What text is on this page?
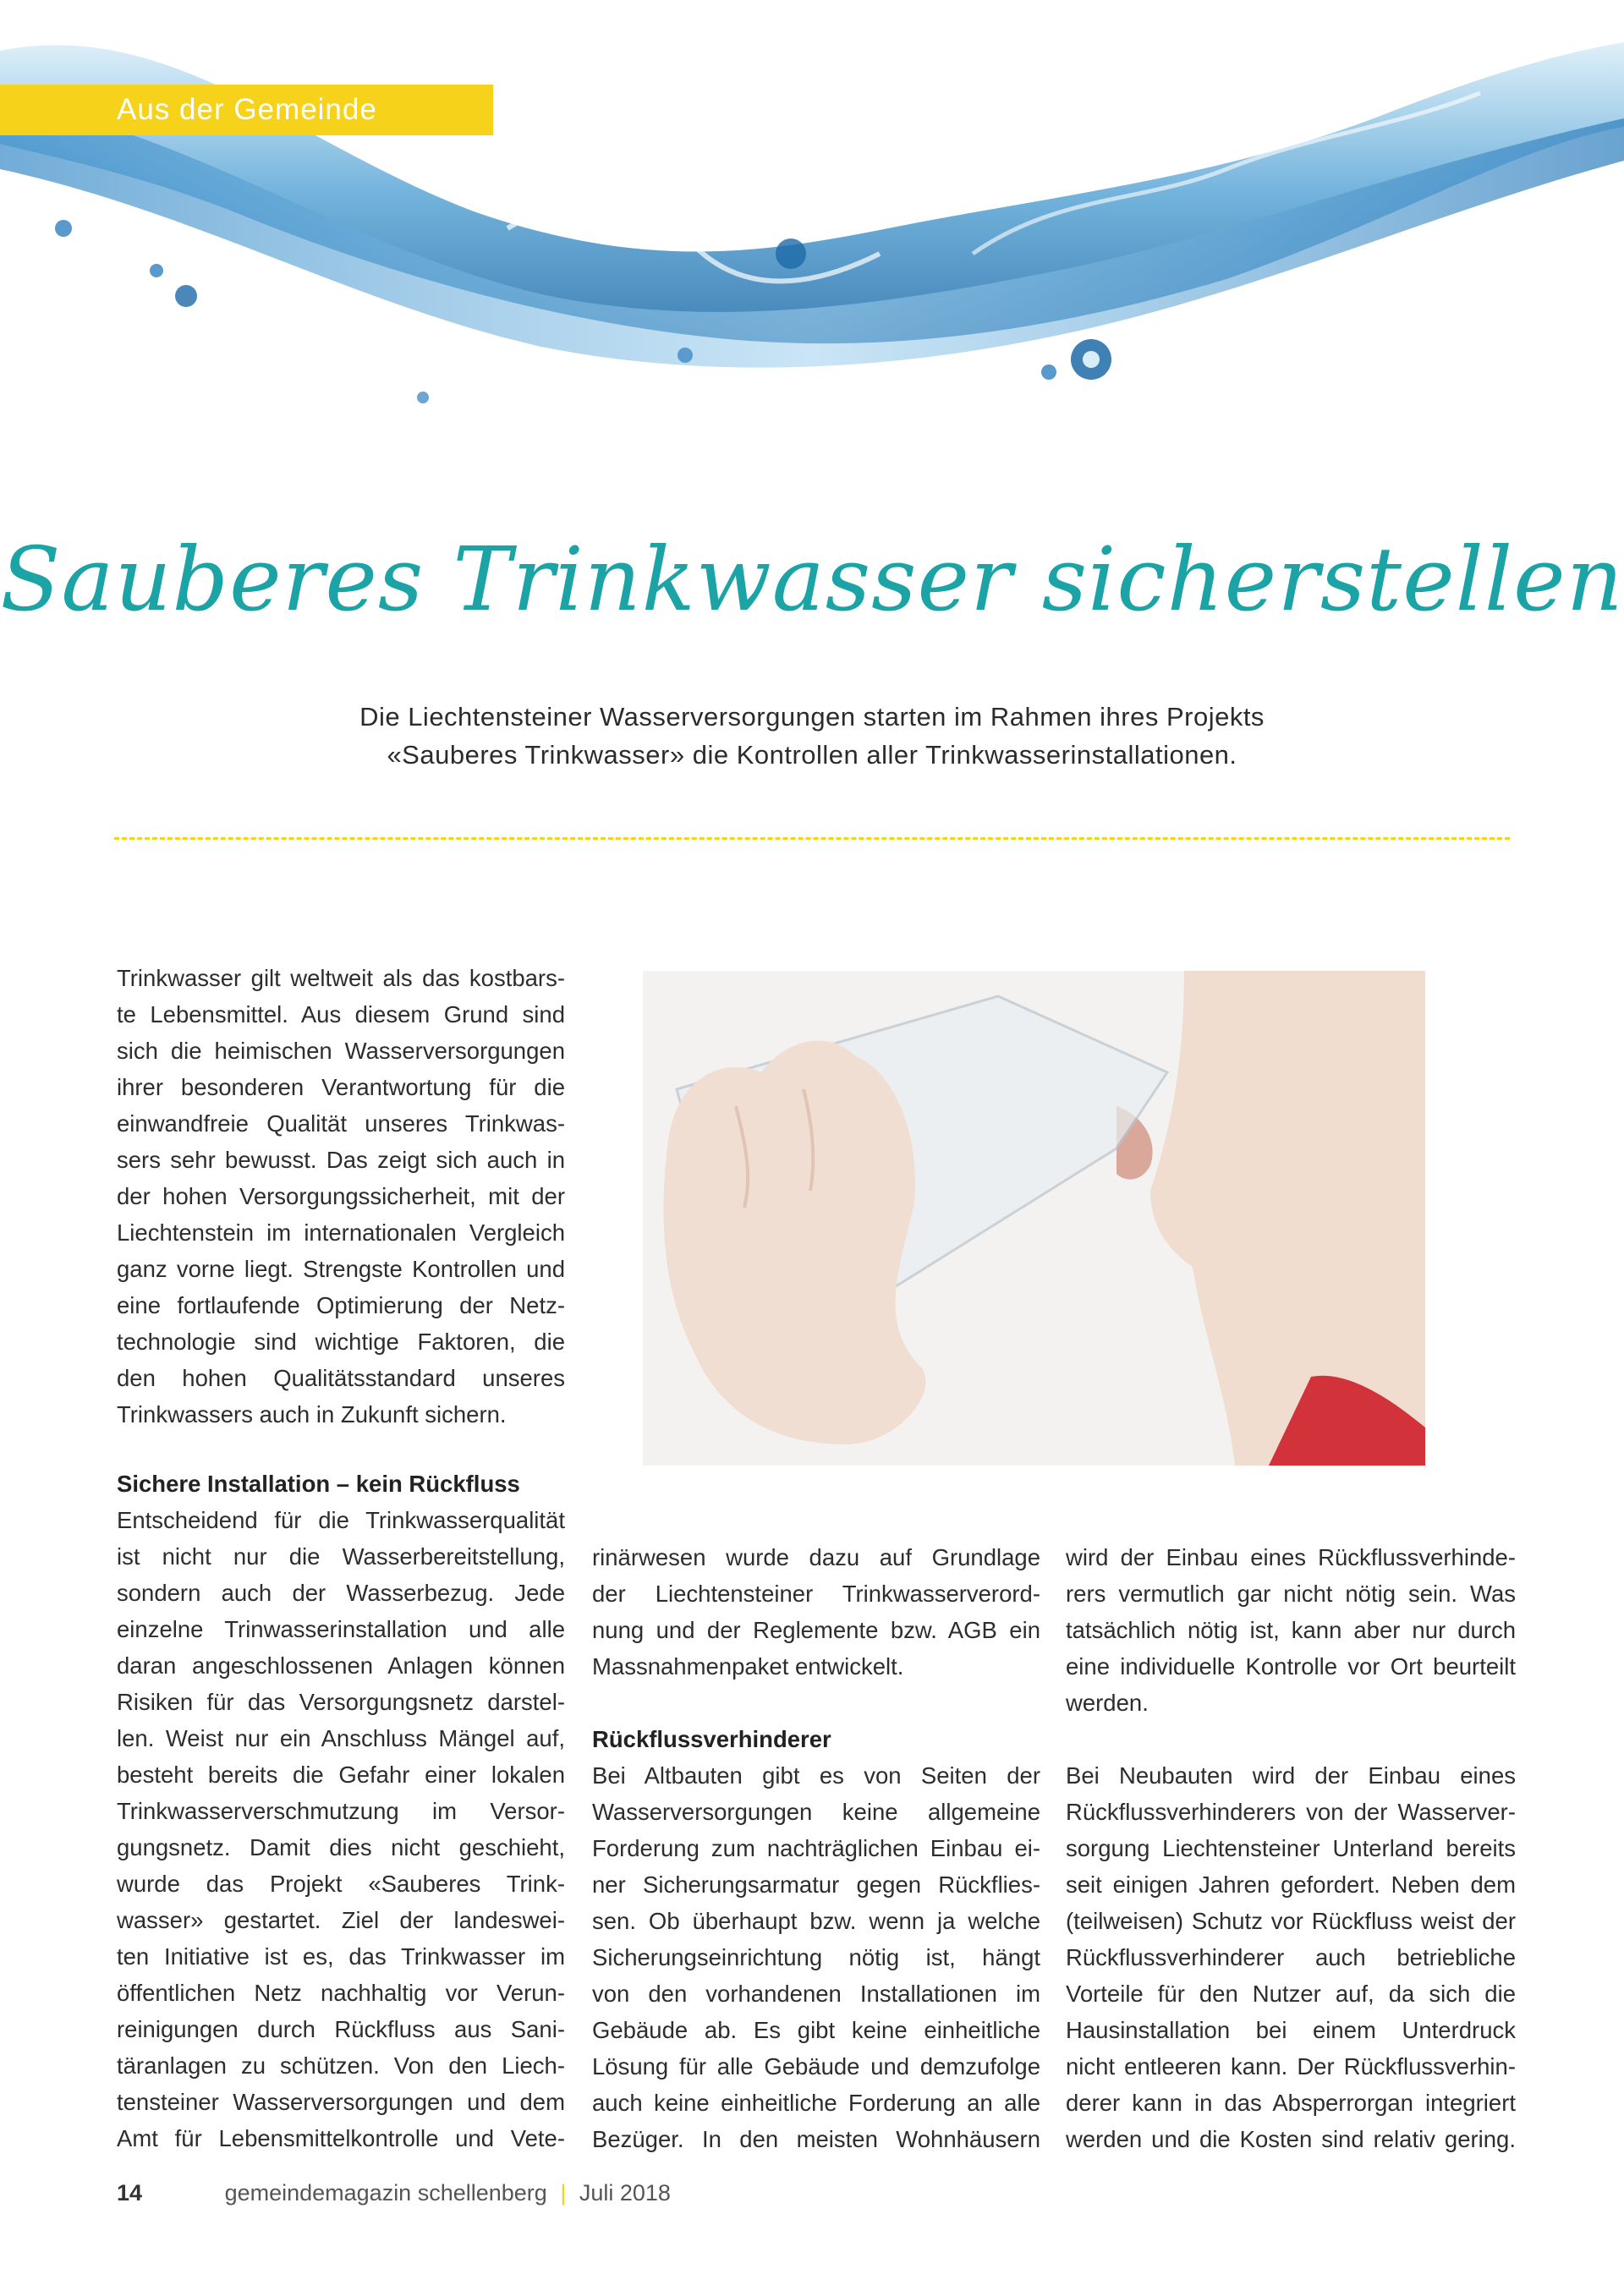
Aus der Gemeinde
Sauberes Trinkwasser sicherstellen
Die Liechtensteiner Wasserversorgungen starten im Rahmen ihres Projekts
«Sauberes Trinkwasser» die Kontrollen aller Trinkwasserinstallationen.
Trinkwasser gilt weltweit als das kostbars-
te Lebensmittel. Aus diesem Grund sind
sich die heimischen Wasserversorgungen
ihrer besonderen Verantwortung für die
einwandfreie Qualität unseres Trinkwas-
sers sehr bewusst. Das zeigt sich auch in
der hohen Versorgungssicherheit, mit der
Liechtenstein im internationalen Vergleich
ganz vorne liegt. Strengste Kontrollen und
eine fortlaufende Optimierung der Netz-
technologie sind wichtige Faktoren, die
den hohen Qualitätsstandard unseres
Trinkwassers auch in Zukunft sichern.
Sichere Installation – kein Rückfluss
Entscheidend für die Trinkwasserqualität
ist nicht nur die Wasserbereitstellung,
sondern auch der Wasserbezug. Jede
einzelne Trinwasserinstallation und alle
daran angeschlossenen Anlagen können
Risiken für das Versorgungsnetz darstel-
len. Weist nur ein Anschluss Mängel auf,
besteht bereits die Gefahr einer lokalen
Trinkwasserverschmutzung im Versor-
gungsnetz. Damit dies nicht geschieht,
wurde das Projekt «Sauberes Trink-
wasser» gestartet. Ziel der landeswei-
ten Initiative ist es, das Trinkwasser im
öffentlichen Netz nachhaltig vor Verun-
reinigungen durch Rückfluss aus Sani-
täranlagen zu schützen. Von den Liech-
tensteiner Wasserversorgungen und dem
Amt für Lebensmittelkontrolle und Vete-
rinärwesen wurde dazu auf Grundlage
der Liechtensteiner Trinkwasserverord-
nung und der Reglemente bzw. AGB ein
Massnahmenpaket entwickelt.
Rückflussverhinderer
Bei Altbauten gibt es von Seiten der
Wasserversorgungen keine allgemeine
Forderung zum nachträglichen Einbau ei-
ner Sicherungsarmatur gegen Rückflies-
sen. Ob überhaupt bzw. wenn ja welche
Sicherungseinrichtung nötig ist, hängt
von den vorhandenen Installationen im
Gebäude ab. Es gibt keine einheitliche
Lösung für alle Gebäude und demzufolge
auch keine einheitliche Forderung an alle
Bezüger. In den meisten Wohnhäusern
wird der Einbau eines Rückflussverhinde-
rers vermutlich gar nicht nötig sein. Was
tatsächlich nötig ist, kann aber nur durch
eine individuelle Kontrolle vor Ort beurteilt
werden.
Bei Neubauten wird der Einbau eines
Rückflussverhinderers von der Wasserver-
sorgung Liechtensteiner Unterland bereits
seit einigen Jahren gefordert. Neben dem
(teilweisen) Schutz vor Rückfluss weist der
Rückflussverhinderer auch betriebliche
Vorteile für den Nutzer auf, da sich die
Hausinstallation bei einem Unterdruck
nicht entleeren kann. Der Rückflussverhin-
derer kann in das Absperrorgan integriert
werden und die Kosten sind relativ gering.
14	gemeindemagazin schellenberg | Juli 2018
